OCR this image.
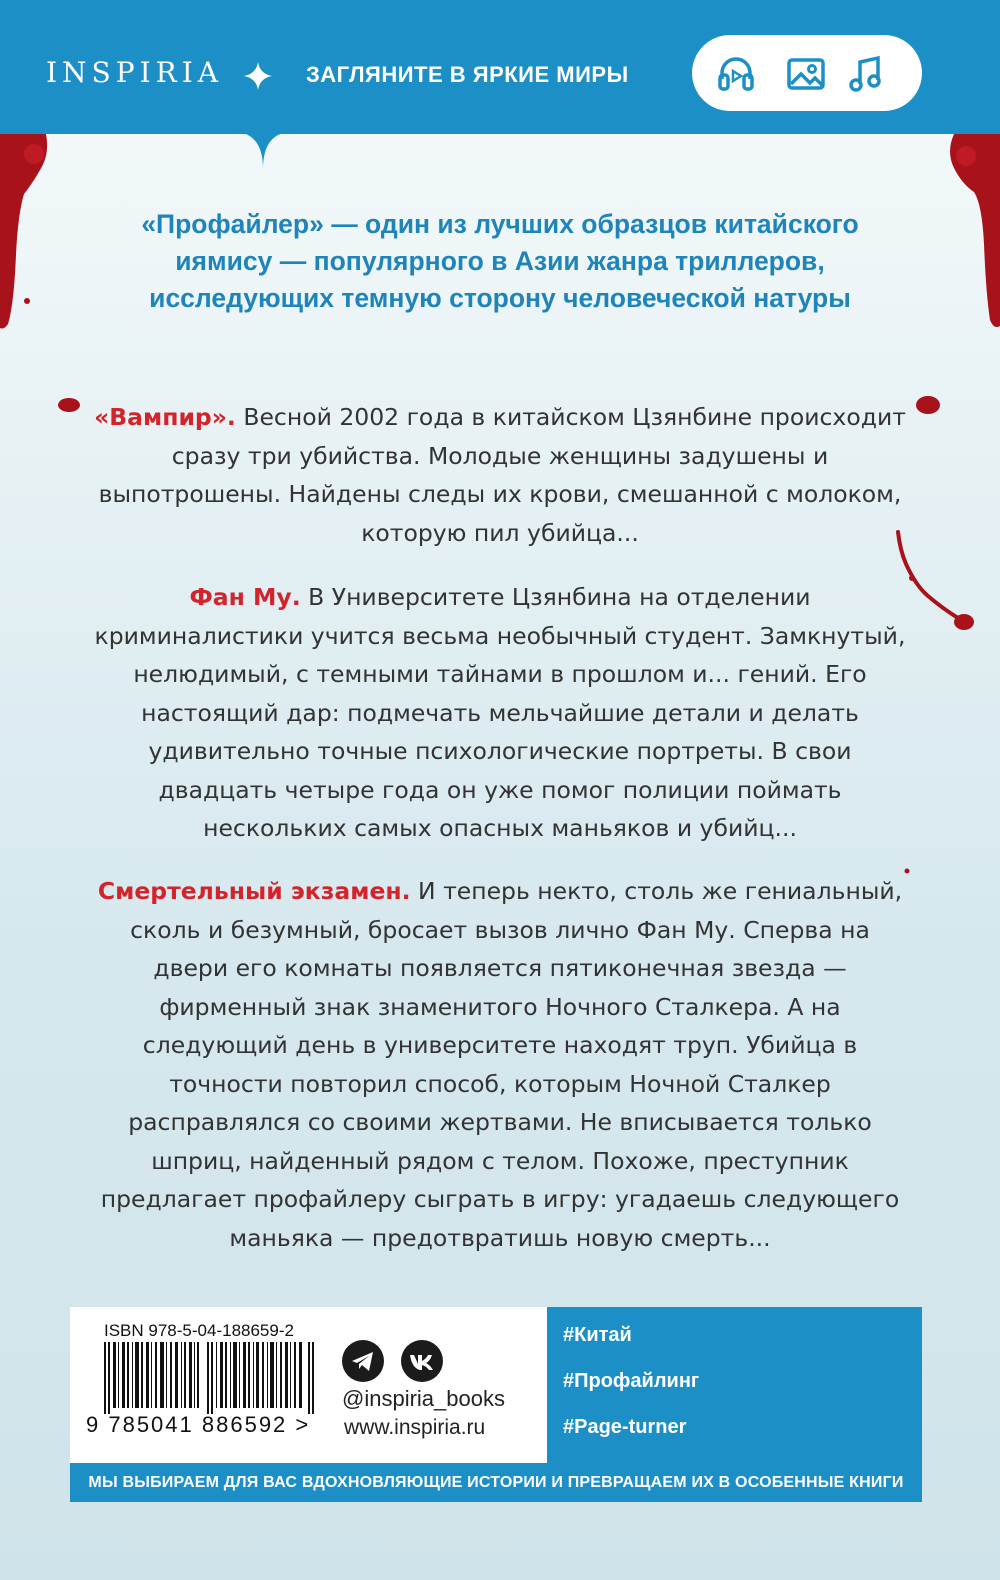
INSPIRIA	ЗАГЛЯНИТЕ В ЯРКИЕ МИРЫ
«Профайлер» — один из лучших образцов китайского иямису — популярного в Азии жанра триллеров, исследующих темную сторону человеческой натуры
«Вампир». Весной 2002 года в китайском Цзянбине происходит сразу три убийства. Молодые женщины задушены и выпотрошены. Найдены следы их крови, смешанной с молоком, которую пил убийца...
Фан Му. В Университете Цзянбина на отделении криминалистики учится весьма необычный студент. Замкнутый, нелюдимый, с темными тайнами в прошлом и... гений. Его настоящий дар: подмечать мельчайшие детали и делать удивительно точные психологические портреты. В свои двадцать четыре года он уже помог полиции поймать нескольких самых опасных маньяков и убийц...
Смертельный экзамен. И теперь некто, столь же гениальный, сколь и безумный, бросает вызов лично Фан Му. Сперва на двери его комнаты появляется пятиконечная звезда — фирменный знак знаменитого Ночного Сталкера. А на следующий день в университете находят труп. Убийца в точности повторил способ, которым Ночной Сталкер расправлялся со своими жертвами. Не вписывается только шприц, найденный рядом с телом. Похоже, преступник предлагает профайлеру сыграть в игру: угадаешь следующего маньяка — предотвратишь новую смерть...
ISBN 978-5-04-188659-2
9 785041 886592 >
@inspiria_books
www.inspiria.ru
#Китай
#Профайлинг
#Page-turner
МЫ ВЫБИРАЕМ ДЛЯ ВАС ВДОХНОВЛЯЮЩИЕ ИСТОРИИ И ПРЕВРАЩАЕМ ИХ В ОСОБЕННЫЕ КНИГИ
